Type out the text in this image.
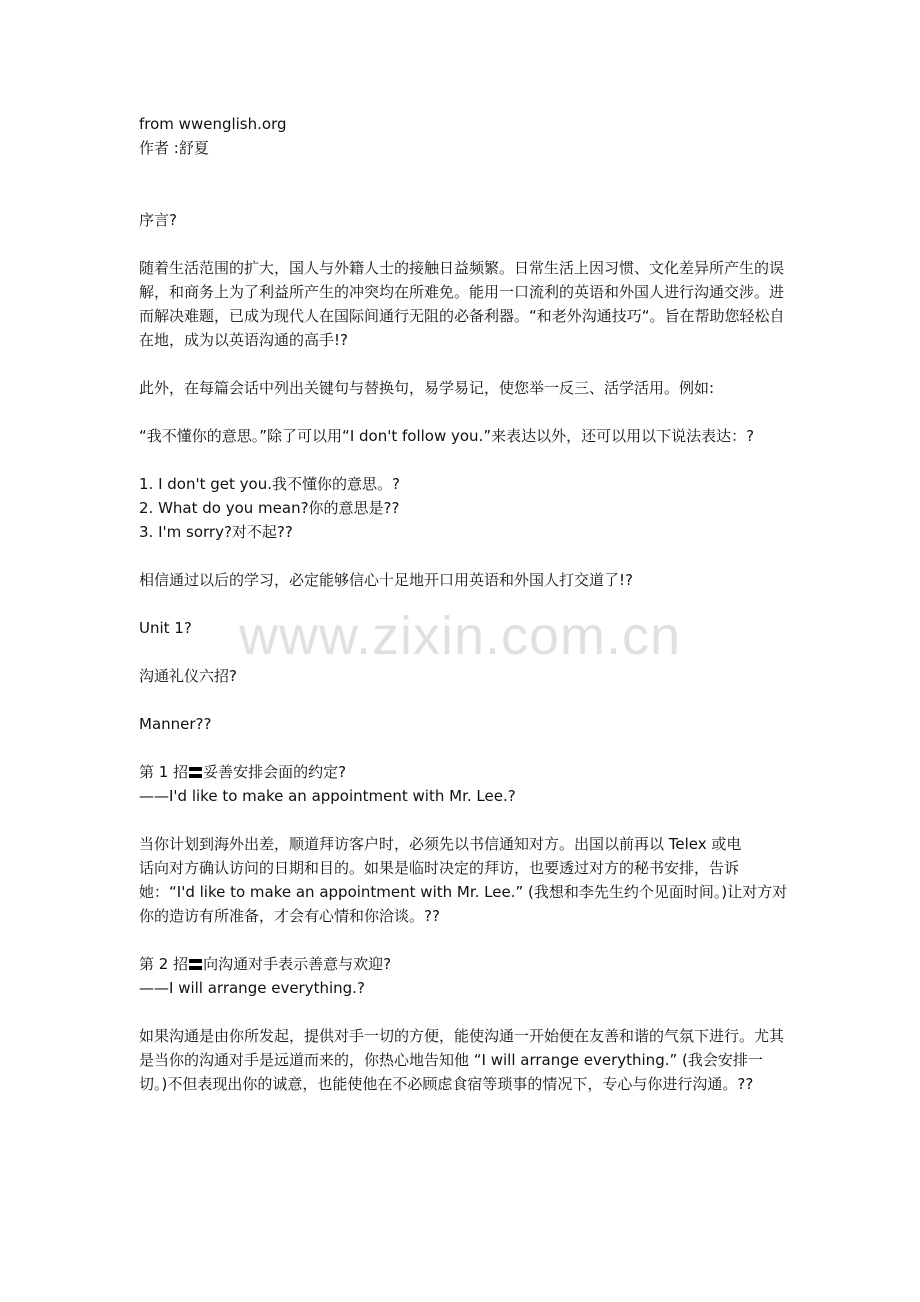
www.zixin.com.cn

from wwenglish.org

作者 :舒夏

序言?

随着生活范围的扩大，国人与外籍人士的接触日益频繁。日常生活上因习惯、文化差异所产生的误解，和商务上为了利益所产生的冲突均在所难免。能用一口流利的英语和外国人进行沟通交涉。进而解决难题，已成为现代人在国际间通行无阻的必备利器。“和老外沟通技巧“。旨在帮助您轻松自在地，成为以英语沟通的高手!?

此外，在每篇会话中列出关键句与替换句，易学易记，使您举一反三、活学活用。例如:

“我不懂你的意思。”除了可以用“I don't follow you.”来表达以外，还可以用以下说法表达：?

1. I don't get you.我不懂你的意思。?

2. What do you mean?你的意思是??

3. I'm sorry?对不起??

相信通过以后的学习，必定能够信心十足地开口用英语和外国人打交道了!?

Unit 1?

沟通礼仪六招?

Manner??

第 1 招 妥善安排会面的约定?

——I'd like to make an appointment with Mr. Lee.?

当你计划到海外出差，顺道拜访客户时，必须先以书信通知对方。出国以前再以 Telex 或电

话向对方确认访问的日期和目的。如果是临时决定的拜访，也要透过对方的秘书安排，告诉她：“I'd like to make an appointment with Mr. Lee.” (我想和李先生约个见面时间。)让对方对你的造访有所准备，才会有心情和你洽谈。??

第 2 招 向沟通对手表示善意与欢迎?

——I will arrange everything.?

如果沟通是由你所发起，提供对手一切的方便，能使沟通一开始便在友善和谐的气氛下进行。尤其是当你的沟通对手是远道而来的，你热心地告知他 “I will arrange everything.” (我会安排一切。)不但表现出你的诚意，也能使他在不必顾虑食宿等琐事的情况下，专心与你进行沟通。??
